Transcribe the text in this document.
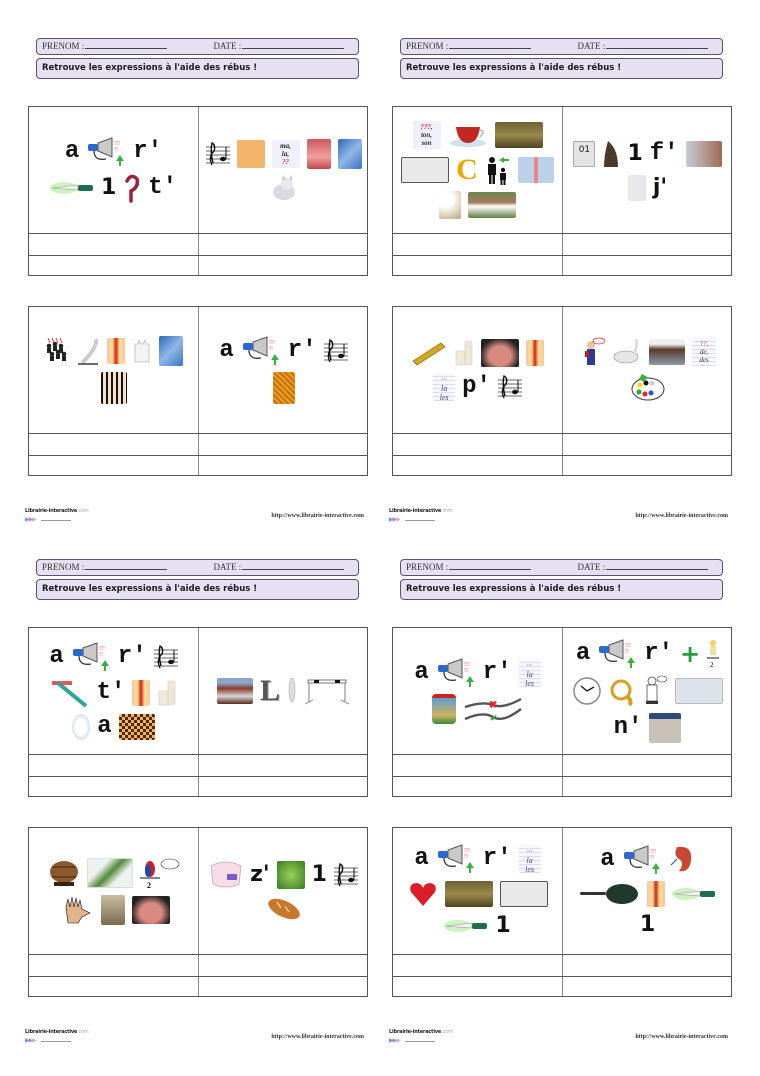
PRENOM :	DATE :
Retrouve les expressions à l'aide des rébus !
a	!!!
!! r'
1 t'
ma,
la,
??
a	!!!
!! r'
Librairie-interactive.com
▶▶▶
http://www.librairie-interactive.com
PRENOM :	DATE :
Retrouve les expressions à l'aide des rébus !
???,
ton,
son
C
01 1 f'
j'
···
la
les p'
??,
de,
des
Librairie-interactive.com
▶▶▶
http://www.librairie-interactive.com
PRENOM :	DATE :
Retrouve les expressions à l'aide des rébus !
a	!!!
!! r'
t'
a
L
2	z' 1
Librairie-interactive.com
▶▶▶
http://www.librairie-interactive.com
PRENOM :	DATE :
Retrouve les expressions à l'aide des rébus !
a	!!!
!! r'	···
la
les
✖
✔
a	!!!
!! r' + 2
n'
a	!!!
!! r'	···
la
les
1
a	!!!
!!
1
Librairie-interactive.com
▶▶▶
http://www.librairie-interactive.com
